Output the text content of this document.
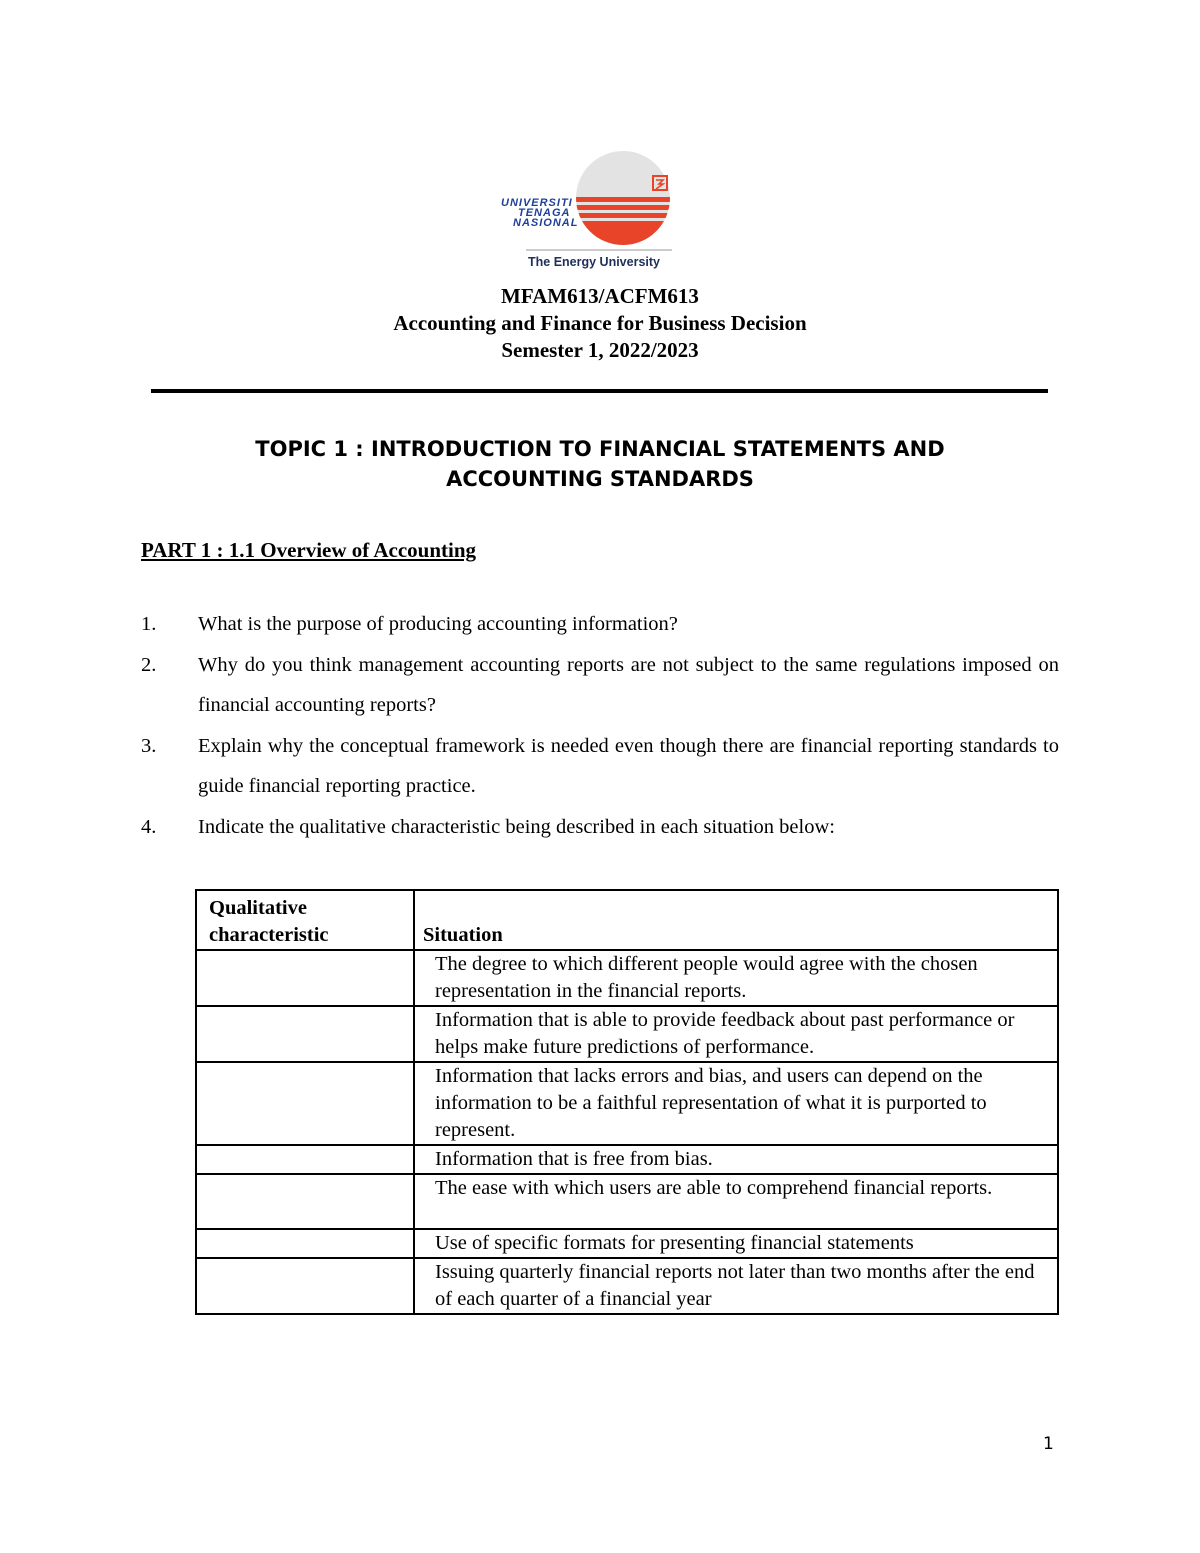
UNIVERSITI
TENAGA
NASIONAL
The Energy University
MFAM613/ACFM613
Accounting and Finance for Business Decision
Semester 1, 2022/2023
TOPIC 1 : INTRODUCTION TO FINANCIAL STATEMENTS AND
ACCOUNTING STANDARDS
PART 1 : 1.1 Overview of Accounting
1. What is the purpose of producing accounting information?
2. Why do you think management accounting reports are not subject to the same regulations imposed on financial accounting reports?
3. Explain why the conceptual framework is needed even though there are financial reporting standards to guide financial reporting practice.
4. Indicate the qualitative characteristic being described in each situation below:
Qualitative characteristic	Situation
	The degree to which different people would agree with the chosen representation in the financial reports.
	Information that is able to provide feedback about past performance or helps make future predictions of performance.
	Information that lacks errors and bias, and users can depend on the information to be a faithful representation of what it is purported to represent.
	Information that is free from bias.
	The ease with which users are able to comprehend financial reports.
	Use of specific formats for presenting financial statements
	Issuing quarterly financial reports not later than two months after the end of each quarter of a financial year
1
